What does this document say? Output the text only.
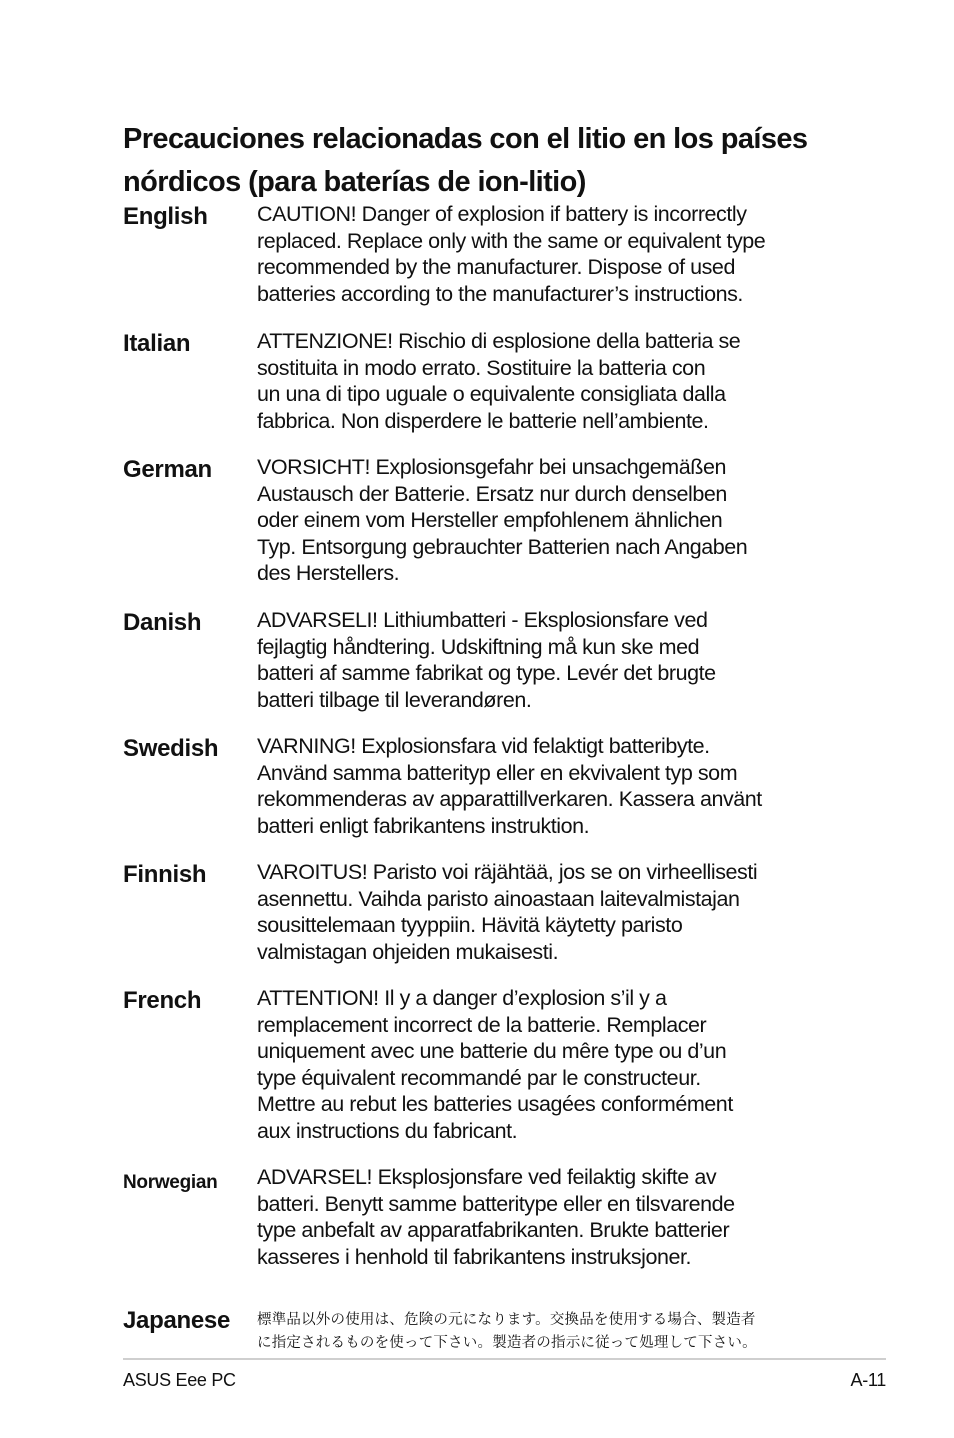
Precauciones relacionadas con el litio en los países nórdicos (para baterías de ion-litio)
English CAUTION! Danger of explosion if battery is incorrectly
replaced. Replace only with the same or equivalent type
recommended by the manufacturer. Dispose of used
batteries according to the manufacturer’s instructions.
Italian	ATTENZIONE! Rischio di esplosione della batteria se
sostituita in modo errato. Sostituire la batteria con
un una di tipo uguale o equivalente consigliata dalla
fabbrica. Non disperdere le batterie nell’ambiente.
German VORSICHT! Explosionsgefahr bei unsachgemäßen
Austausch der Batterie. Ersatz nur durch denselben
oder einem vom Hersteller empfohlenem ähnlichen
Typ. Entsorgung gebrauchter Batterien nach Angaben
des Herstellers.
Danish	ADVARSELI! Lithiumbatteri - Eksplosionsfare ved
fejlagtig håndtering. Udskiftning må kun ske med
batteri af samme fabrikat og type. Levér det brugte
batteri tilbage til leverandøren.
Swedish VARNING! Explosionsfara vid felaktigt batteribyte.
Använd samma batterityp eller en ekvivalent typ som
rekommenderas av apparattillverkaren. Kassera använt
batteri enligt fabrikantens instruktion.
Finnish VAROITUS! Paristo voi räjähtää, jos se on virheellisesti
asennettu. Vaihda paristo ainoastaan laitevalmistajan
sousittelemaan tyyppiin. Hävitä käytetty paristo
valmistagan ohjeiden mukaisesti.
French	ATTENTION! Il y a danger d’explosion s’il y a
remplacement incorrect de la batterie. Remplacer
uniquement avec une batterie du mêre type ou d’un
type équivalent recommandé par le constructeur.
Mettre au rebut les batteries usagées conformément
aux instructions du fabricant.
Norwegian ADVARSEL! Eksplosjonsfare ved feilaktig skifte av
batteri. Benytt samme batteritype eller en tilsvarende
type anbefalt av apparatfabrikanten. Brukte batterier
kasseres i henhold til fabrikantens instruksjoner.
Japanese 標準品以外の使用は、危険の元になります。交換品を使用する場合、製造者
に指定されるものを使って下さい。製造者の指示に従って処理して下さい。
ASUS Eee PC	A-11
